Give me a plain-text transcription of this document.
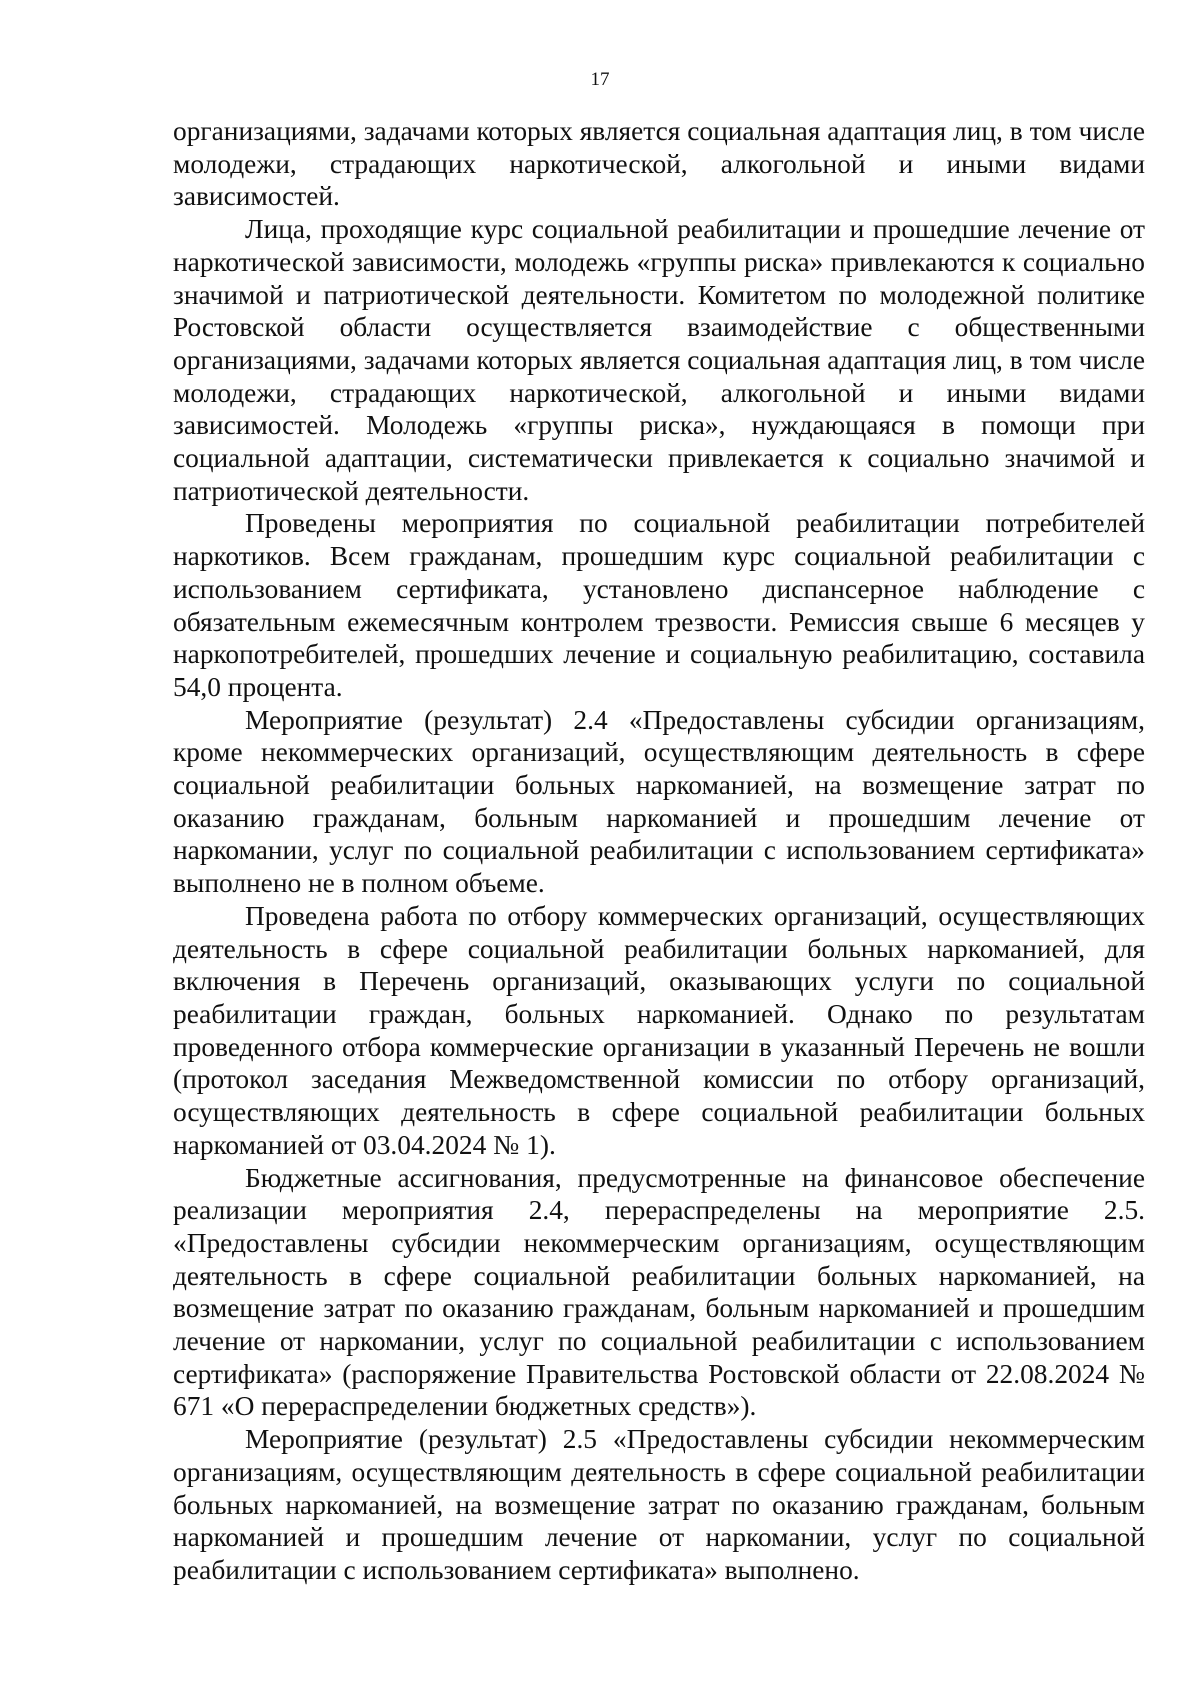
17

организациями, задачами которых является социальная адаптация лиц, в том числе молодежи, страдающих наркотической, алкогольной и иными видами зависимостей.

Лица, проходящие курс социальной реабилитации и прошедшие лечение от наркотической зависимости, молодежь «группы риска» привлекаются к социально значимой и патриотической деятельности. Комитетом по молодежной политике Ростовской области осуществляется взаимодействие с общественными организациями, задачами которых является социальная адаптация лиц, в том числе молодежи, страдающих наркотической, алкогольной и иными видами зависимостей. Молодежь «группы риска», нуждающаяся в помощи при социальной адаптации, систематически привлекается к социально значимой и патриотической деятельности.

Проведены мероприятия по социальной реабилитации потребителей наркотиков. Всем гражданам, прошедшим курс социальной реабилитации с использованием сертификата, установлено диспансерное наблюдение с обязательным ежемесячным контролем трезвости. Ремиссия свыше 6 месяцев у наркопотребителей, прошедших лечение и социальную реабилитацию, составила 54,0 процента.

Мероприятие (результат) 2.4 «Предоставлены субсидии организациям, кроме некоммерческих организаций, осуществляющим деятельность в сфере социальной реабилитации больных наркоманией, на возмещение затрат по оказанию гражданам, больным наркоманией и прошедшим лечение от наркомании, услуг по социальной реабилитации с использованием сертификата» выполнено не в полном объеме.

Проведена работа по отбору коммерческих организаций, осуществляющих деятельность в сфере социальной реабилитации больных наркоманией, для включения в Перечень организаций, оказывающих услуги по социальной реабилитации граждан, больных наркоманией. Однако по результатам проведенного отбора коммерческие организации в указанный Перечень не вошли (протокол заседания Межведомственной комиссии по отбору организаций, осуществляющих деятельность в сфере социальной реабилитации больных наркоманией от 03.04.2024 № 1).

Бюджетные ассигнования, предусмотренные на финансовое обеспечение реализации мероприятия 2.4, перераспределены на мероприятие 2.5. «Предоставлены субсидии некоммерческим организациям, осуществляющим деятельность в сфере социальной реабилитации больных наркоманией, на возмещение затрат по оказанию гражданам, больным наркоманией и прошедшим лечение от наркомании, услуг по социальной реабилитации с использованием сертификата» (распоряжение Правительства Ростовской области от 22.08.2024 № 671 «О перераспределении бюджетных средств»).

Мероприятие (результат) 2.5 «Предоставлены субсидии некоммерческим организациям, осуществляющим деятельность в сфере социальной реабилитации больных наркоманией, на возмещение затрат по оказанию гражданам, больным наркоманией и прошедшим лечение от наркомании, услуг по социальной реабилитации с использованием сертификата» выполнено.
